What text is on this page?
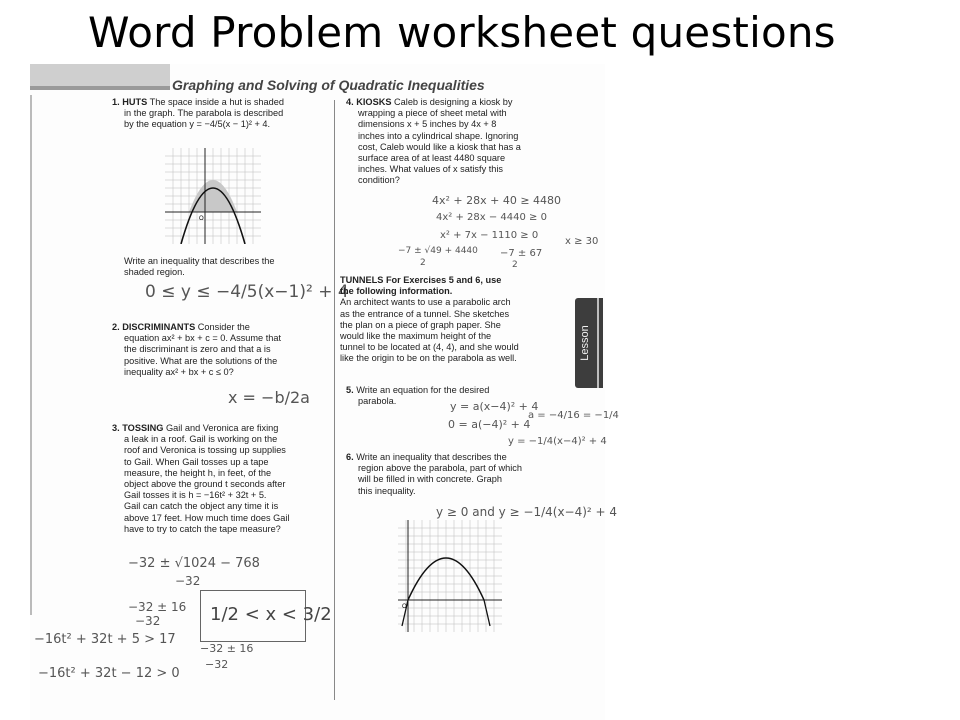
Word Problem worksheet questions
Graphing and Solving of Quadratic Inequalities
Lesson
1. HUTS The space inside a hut is shaded
in the graph. The parabola is described
by the equation y = −4/5(x − 1)² + 4.
O
Write an inequality that describes the
shaded region.
0 ≤ y ≤ −4/5(x−1)² + 4
2. DISCRIMINANTS Consider the
equation ax² + bx + c = 0. Assume that
the discriminant is zero and that a is
positive. What are the solutions of the
inequality ax² + bx + c ≤ 0?
x = −b/2a
3. TOSSING Gail and Veronica are fixing
a leak in a roof. Gail is working on the
roof and Veronica is tossing up supplies
to Gail. When Gail tosses up a tape
measure, the height h, in feet, of the
object above the ground t seconds after
Gail tosses it is h = −16t² + 32t + 5.
Gail can catch the object any time it is
above 17 feet. How much time does Gail
have to try to catch the tape measure?
−32 ± √1024 − 768
−32
−32 ± 16
−32	1/2 < x < 3/2
−32 ± 16
−32
−16t² + 32t + 5 > 17
−16t² + 32t − 12 > 0
4. KIOSKS Caleb is designing a kiosk by
wrapping a piece of sheet metal with
dimensions x + 5 inches by 4x + 8
inches into a cylindrical shape. Ignoring
cost, Caleb would like a kiosk that has a
surface area of at least 4480 square
inches. What values of x satisfy this
condition?
4x² + 28x + 40 ≥ 4480
4x² + 28x − 4440 ≥ 0
x² + 7x − 1110 ≥ 0
−7 ± √49 + 4440
2
−7 ± 67
2
x ≥ 30
TUNNELS For Exercises 5 and 6, use
the following information.
An architect wants to use a parabolic arch
as the entrance of a tunnel. She sketches
the plan on a piece of graph paper. She
would like the maximum height of the
tunnel to be located at (4, 4), and she would
like the origin to be on the parabola as well.
5. Write an equation for the desired
parabola.	y = a(x−4)² + 4
0 = a(−4)² + 4
a = −4/16 = −1/4
y = −1/4(x−4)² + 4
6. Write an inequality that describes the
region above the parabola, part of which
will be filled in with concrete. Graph
this inequality.
y ≥ 0 and y ≥ −1/4(x−4)² + 4
O
